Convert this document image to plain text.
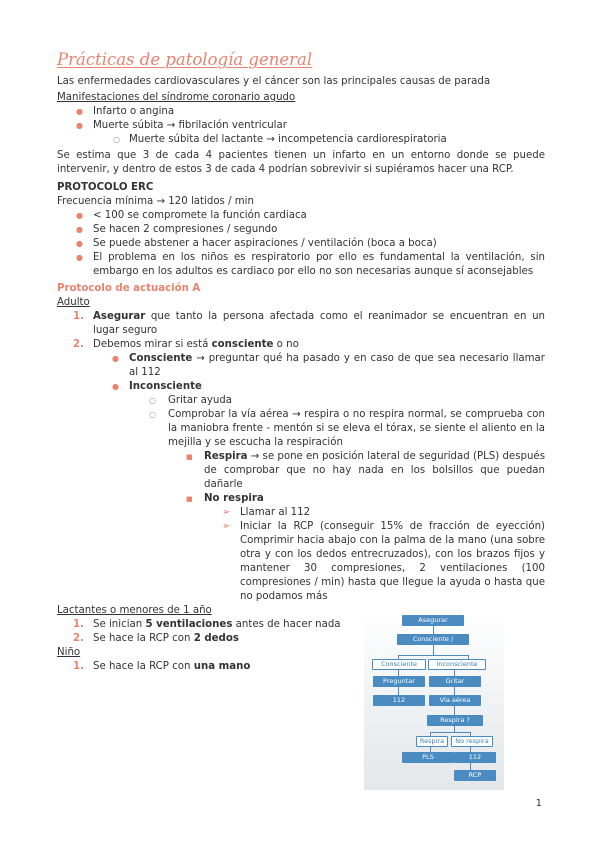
Prácticas de patología general

Las enfermedades cardiovasculares y el cáncer son las principales causas de parada

Manifestaciones del síndrome coronario agudo

● Infarto o angina
● Muerte súbita → fibrilación ventricular
○ Muerte súbita del lactante → incompetencia cardiorespiratoria

Se estima que 3 de cada 4 pacientes tienen un infarto en un entorno donde se puede intervenir, y dentro de estos 3 de cada 4 podrían sobrevivir si supiéramos hacer una RCP.

PROTOCOLO ERC

Frecuencia mínima → 120 latidos / min

● < 100 se compromete la función cardiaca
● Se hacen 2 compresiones / segundo
● Se puede abstener a hacer aspiraciones / ventilación (boca a boca)
● El problema en los niños es respiratorio por ello es fundamental la ventilación, sin embargo en los adultos es cardiaco por ello no son necesarias aunque sí aconsejables

Protocolo de actuación A

Adulto

1. Asegurar que tanto la persona afectada como el reanimador se encuentran en un lugar seguro
2. Debemos mirar si está consciente o no
● Consciente → preguntar qué ha pasado y en caso de que sea necesario llamar al 112
● Inconsciente
○ Gritar ayuda
○ Comprobar la vía aérea → respira o no respira normal, se comprueba con la maniobra frente - mentón si se eleva el tórax, se siente el aliento en la mejilla y se escucha la respiración
■ Respira → se pone en posición lateral de seguridad (PLS) después de comprobar que no hay nada en los bolsillos que puedan dañarle
■ No respira
➢ Llamar al 112
➢ Iniciar la RCP (conseguir 15% de fracción de eyección) Comprimir hacia abajo con la palma de la mano (una sobre otra y con los dedos entrecruzados), con los brazos fijos y mantener 30 compresiones, 2 ventilaciones (100 compresiones / min) hasta que llegue la ayuda o hasta que no podamos más

Lactantes o menores de 1 año

1. Se inician 5 ventilaciones antes de hacer nada
2. Se hace la RCP con 2 dedos

Niño

1. Se hace la RCP con una mano
Asegurar
Consciente /
Consciente	Inconsciente
Preguntar	Gritar
112	Vía aérea
Respira ?
Respira	No respira
PLS	112
RCP
1
